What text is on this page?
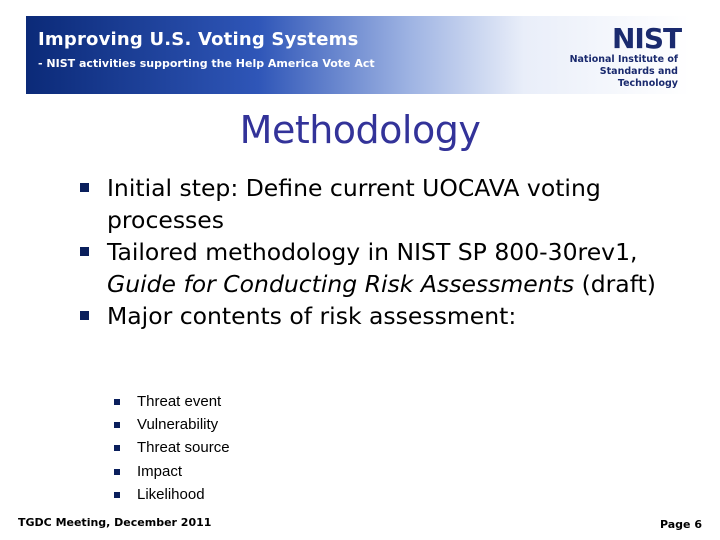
Improving U.S. Voting Systems
- NIST activities supporting the Help America Vote Act
NIST
National Institute of
Standards and Technology
Methodology
Initial step: Define current UOCAVA voting processes
Tailored methodology in NIST SP 800-30rev1, Guide for Conducting Risk Assessments (draft)
Major contents of risk assessment:
Threat event
Vulnerability
Threat source
Impact
Likelihood
TGDC Meeting, December 2011	Page 6
